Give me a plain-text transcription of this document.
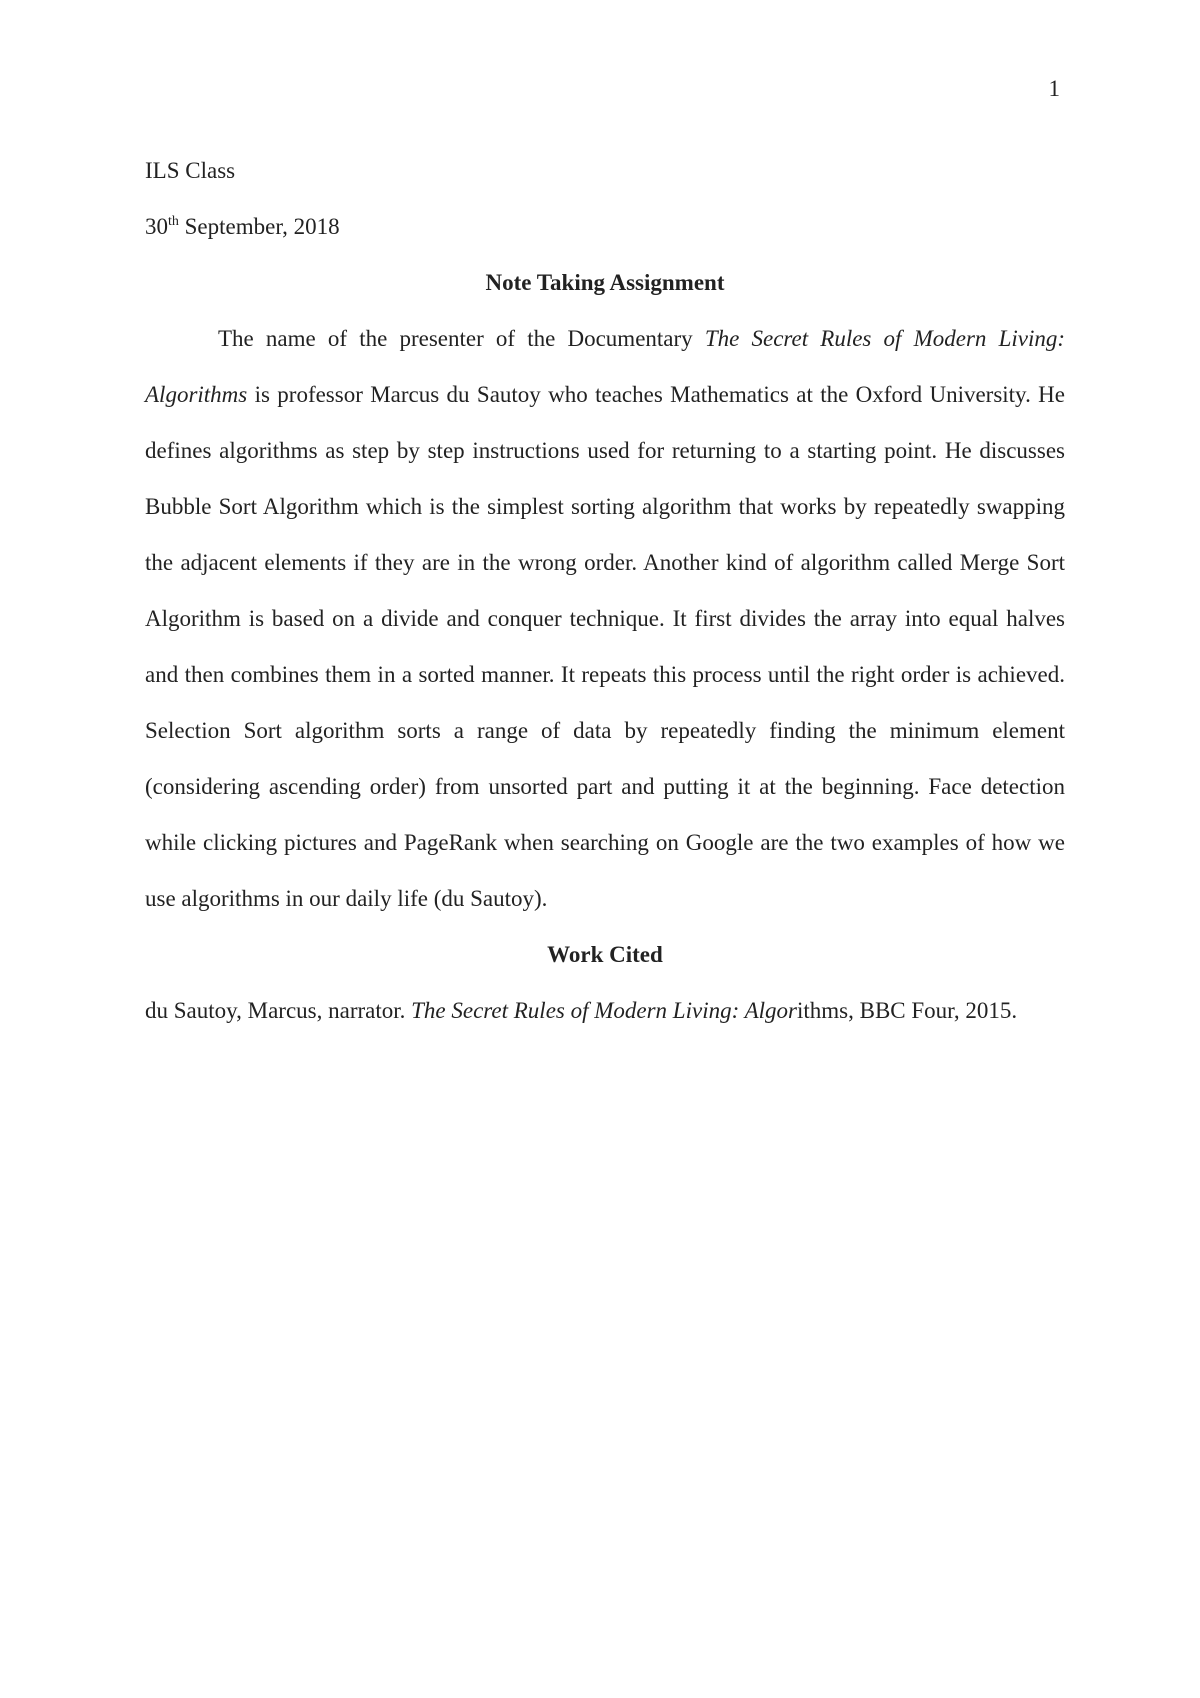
1

ILS Class

30th September, 2018

Note Taking Assignment

The name of the presenter of the Documentary The Secret Rules of Modern Living: Algorithms is professor Marcus du Sautoy who teaches Mathematics at the Oxford University. He defines algorithms as step by step instructions used for returning to a starting point. He discusses Bubble Sort Algorithm which is the simplest sorting algorithm that works by repeatedly swapping the adjacent elements if they are in the wrong order. Another kind of algorithm called Merge Sort Algorithm is based on a divide and conquer technique. It first divides the array into equal halves and then combines them in a sorted manner. It repeats this process until the right order is achieved. Selection Sort algorithm sorts a range of data by repeatedly finding the minimum element (considering ascending order) from unsorted part and putting it at the beginning. Face detection while clicking pictures and PageRank when searching on Google are the two examples of how we use algorithms in our daily life (du Sautoy).

Work Cited

du Sautoy, Marcus, narrator. The Secret Rules of Modern Living: Algorithms, BBC Four, 2015.
